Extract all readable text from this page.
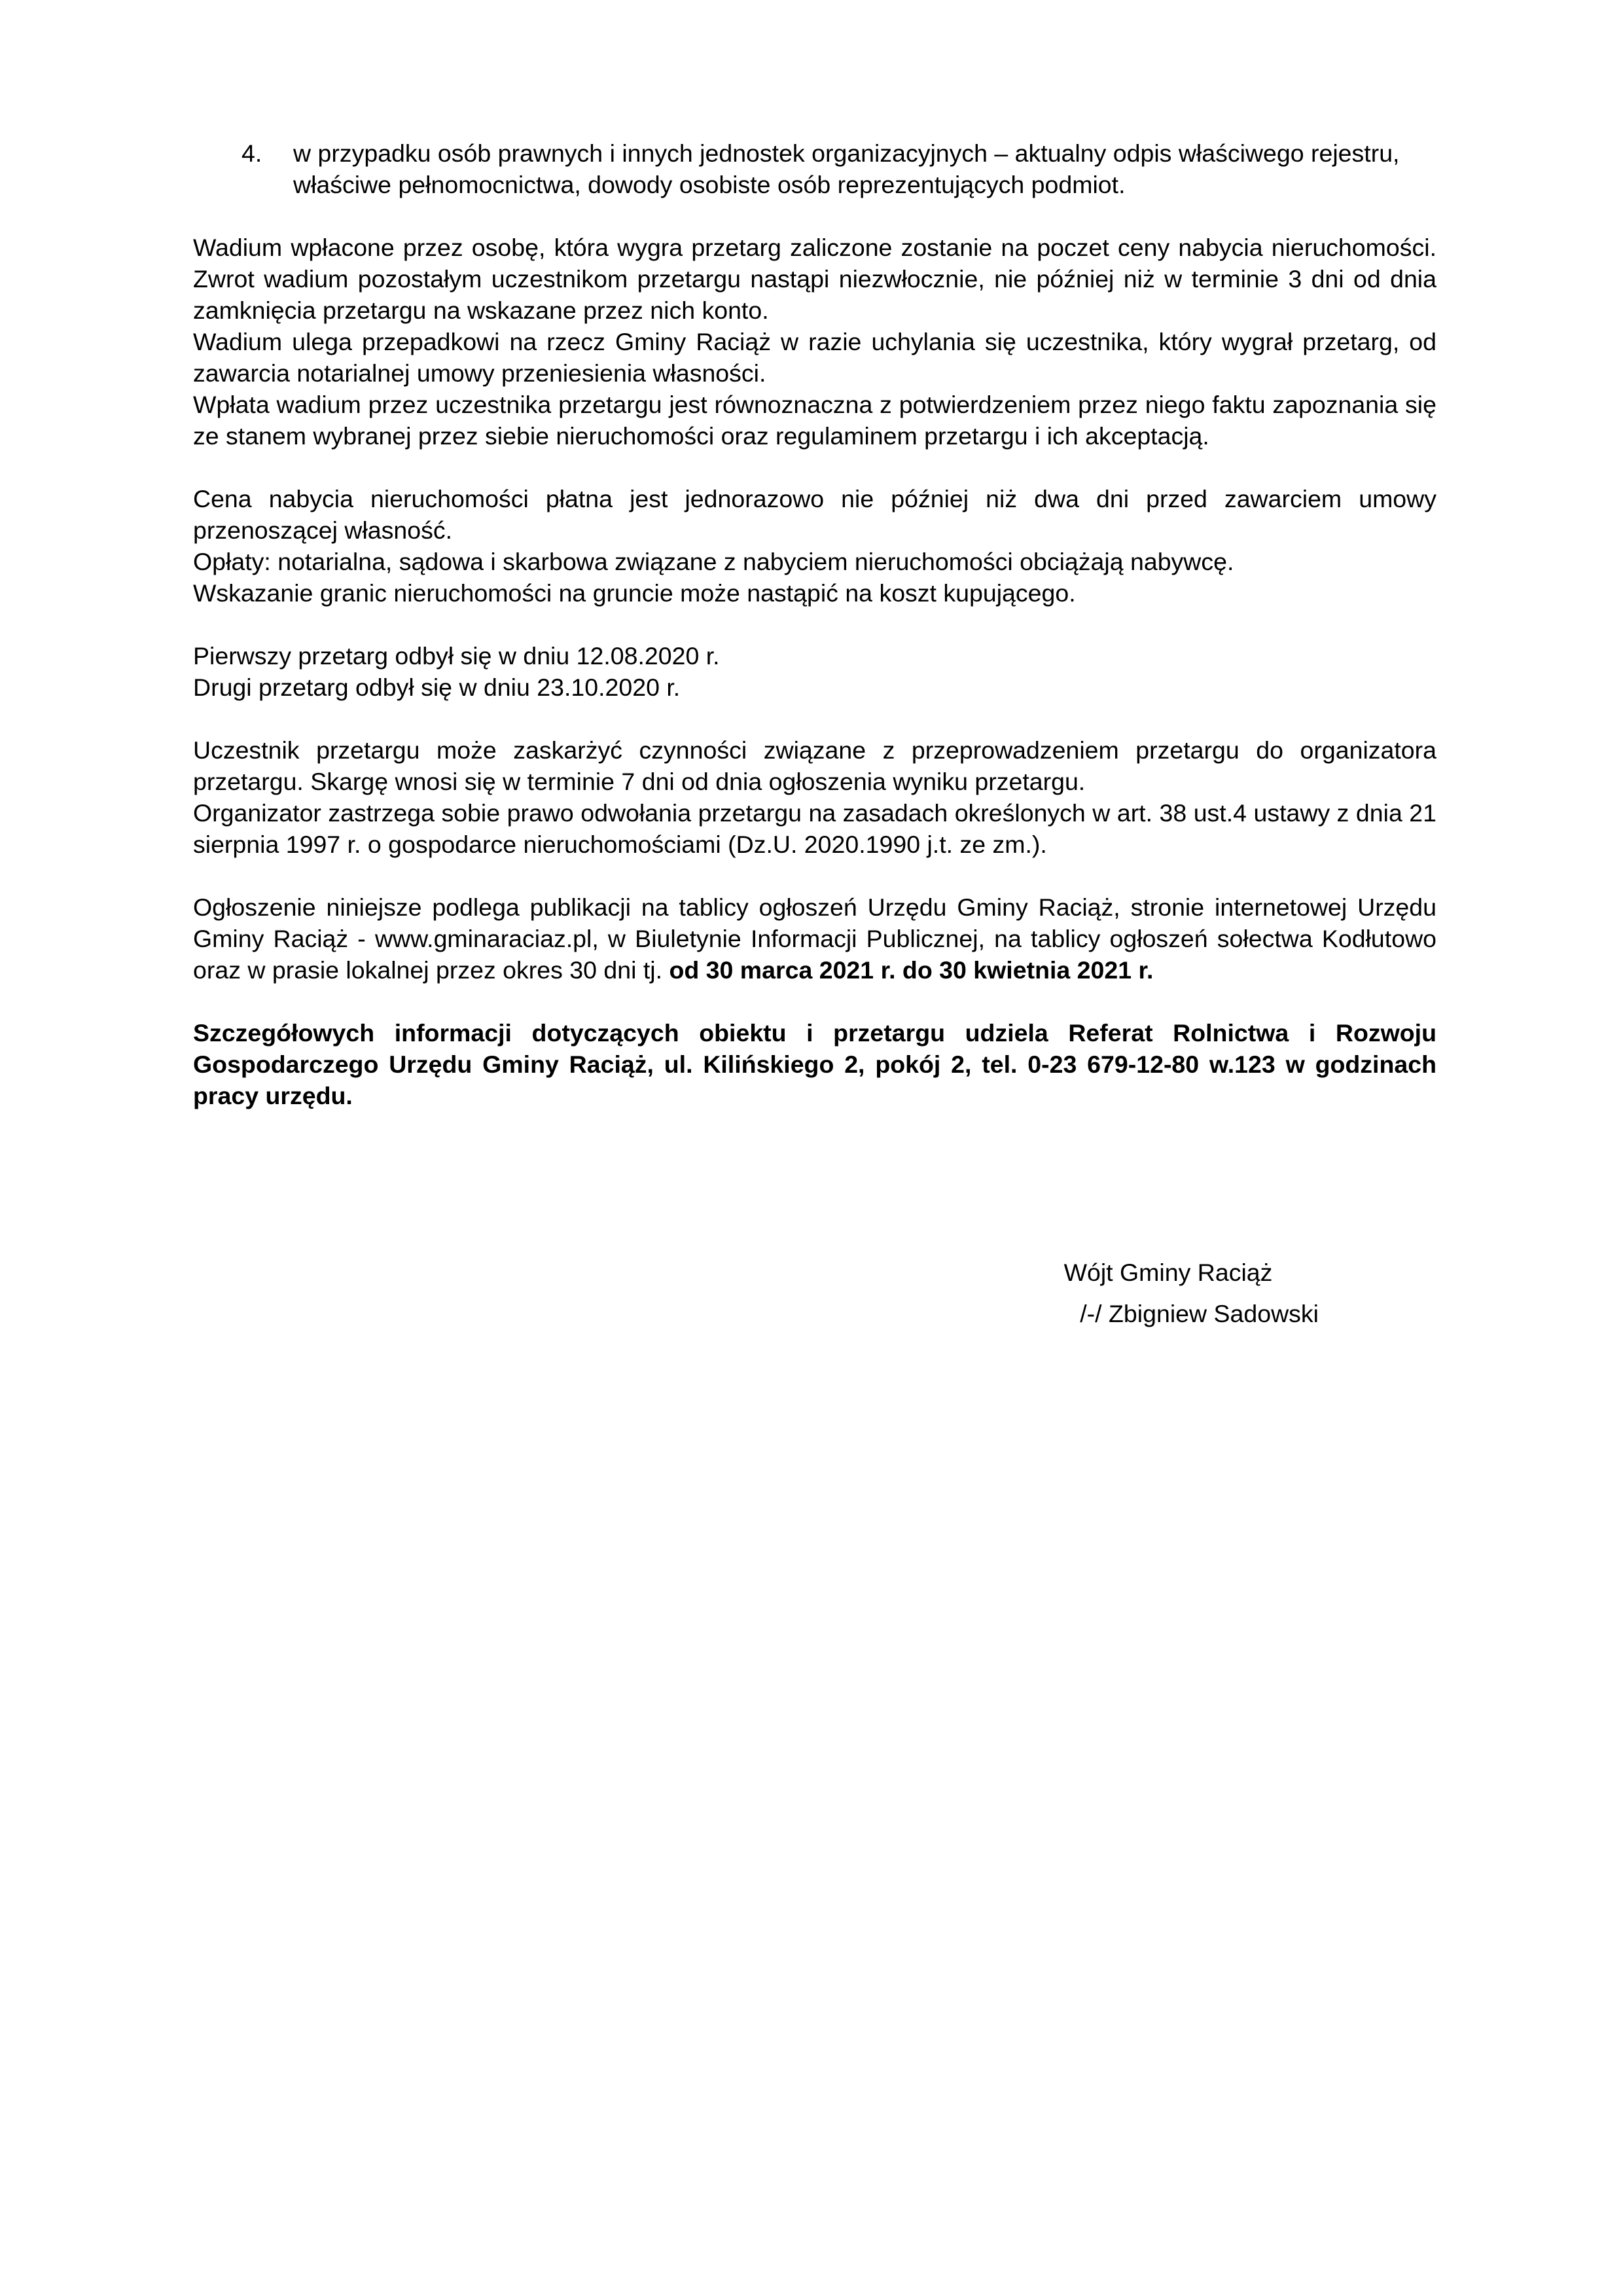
4. w przypadku osób prawnych i innych jednostek organizacyjnych – aktualny odpis właściwego rejestru, właściwe pełnomocnictwa, dowody osobiste osób reprezentujących podmiot.

Wadium wpłacone przez osobę, która wygra przetarg zaliczone zostanie na poczet ceny nabycia nieruchomości. Zwrot wadium pozostałym uczestnikom przetargu nastąpi niezwłocznie, nie później niż w terminie 3 dni od dnia zamknięcia przetargu na wskazane przez nich konto.

Wadium ulega przepadkowi na rzecz Gminy Raciąż w razie uchylania się uczestnika, który wygrał przetarg, od zawarcia notarialnej umowy przeniesienia własności.

Wpłata wadium przez uczestnika przetargu jest równoznaczna z potwierdzeniem przez niego faktu zapoznania się ze stanem wybranej przez siebie nieruchomości oraz regulaminem przetargu i ich akceptacją.

Cena nabycia nieruchomości płatna jest jednorazowo nie później niż dwa dni przed zawarciem umowy przenoszącej własność.

Opłaty: notarialna, sądowa i skarbowa związane z nabyciem nieruchomości obciążają nabywcę.

Wskazanie granic nieruchomości na gruncie może nastąpić na koszt kupującego.

Pierwszy przetarg odbył się w dniu 12.08.2020 r.

Drugi przetarg odbył się w dniu 23.10.2020 r.

Uczestnik przetargu może zaskarżyć czynności związane z przeprowadzeniem przetargu do organizatora przetargu. Skargę wnosi się w terminie 7 dni od dnia ogłoszenia wyniku przetargu.

Organizator zastrzega sobie prawo odwołania przetargu na zasadach określonych w art. 38 ust.4 ustawy z dnia 21 sierpnia 1997 r. o gospodarce nieruchomościami (Dz.U. 2020.1990 j.t. ze zm.).

Ogłoszenie niniejsze podlega publikacji na tablicy ogłoszeń Urzędu Gminy Raciąż, stronie internetowej Urzędu Gminy Raciąż - www.gminaraciaz.pl, w Biuletynie Informacji Publicznej, na tablicy ogłoszeń sołectwa Kodłutowo oraz w prasie lokalnej przez okres 30 dni tj. od 30 marca 2021 r. do 30 kwietnia 2021 r.

Szczegółowych informacji dotyczących obiektu i przetargu udziela Referat Rolnictwa i Rozwoju Gospodarczego Urzędu Gminy Raciąż, ul. Kilińskiego 2, pokój 2, tel. 0-23 679-12-80 w.123 w godzinach pracy urzędu.

Wójt Gminy Raciąż
/-/ Zbigniew Sadowski
